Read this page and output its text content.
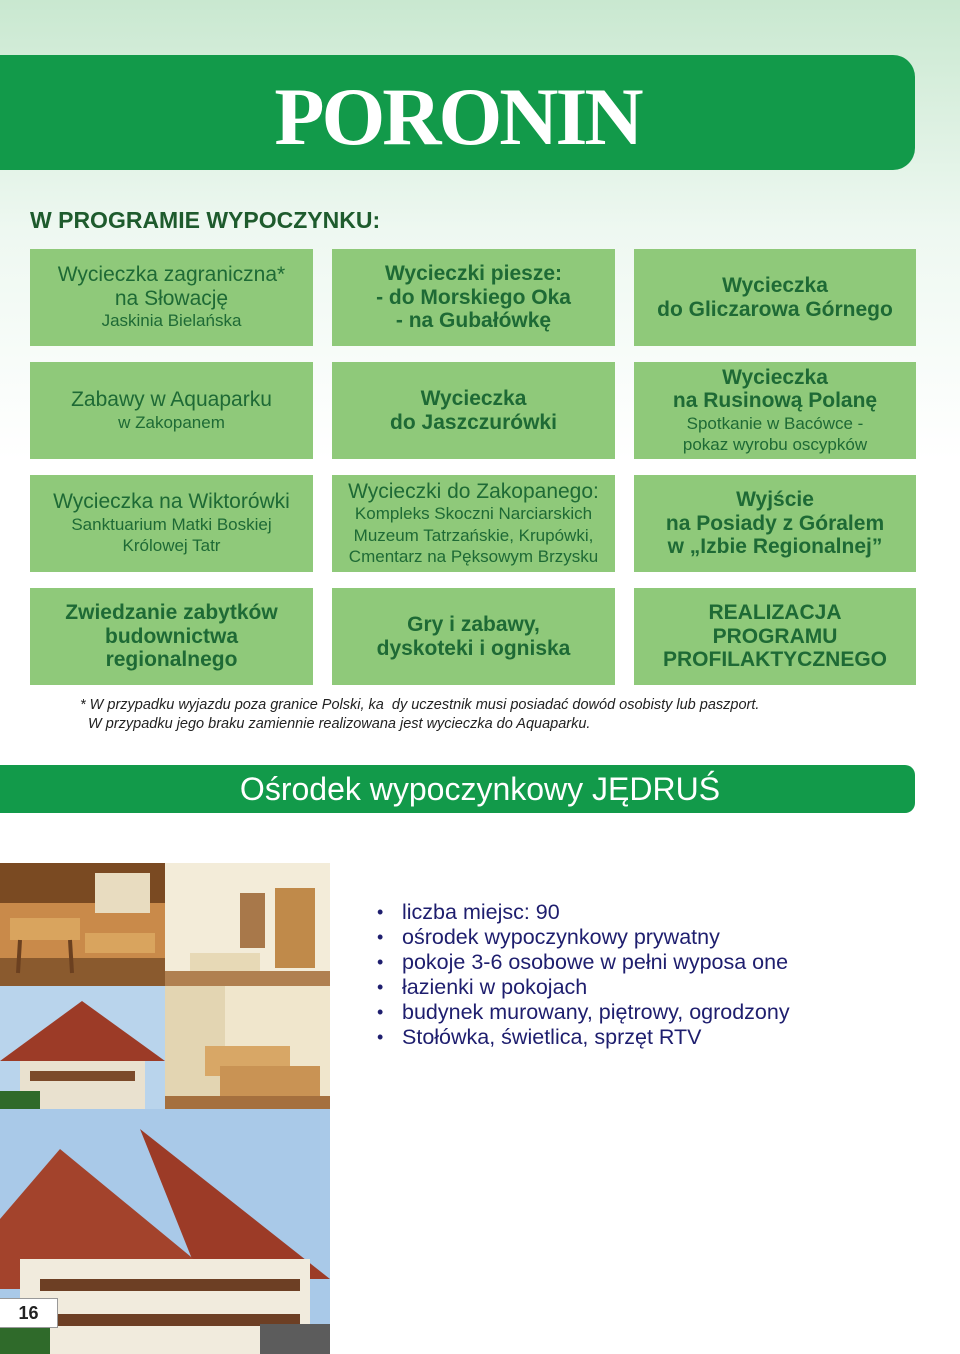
PORONIN
W PROGRAMIE WYPOCZYNKU:
Wycieczka zagraniczna*
na Słowację
Jaskinia Bielańska
Wycieczki piesze:
- do Morskiego Oka
- na Gubałówkę
Wycieczka
do Gliczarowa Górnego
Zabawy w Aquaparku
w Zakopanem
Wycieczka
do Jaszczurówki
Wycieczka
na Rusinową Polanę
Spotkanie w Bacówce -
pokaz wyrobu oscypków
Wycieczka na Wiktorówki
Sanktuarium Matki Boskiej
Królowej Tatr
Wycieczki do Zakopanego:
Kompleks Skoczni Narciarskich
Muzeum Tatrzańskie, Krupówki,
Cmentarz na Pęksowym Brzysku
Wyjście
na Posiady z Góralem
w „Izbie Regionalnej”
Zwiedzanie zabytków
budownictwa
regionalnego
Gry i zabawy,
dyskoteki i ogniska
REALIZACJA
PROGRAMU
PROFILAKTYCZNEGO
* W przypadku wyjazdu poza granice Polski, ka  dy uczestnik musi posiadać dowód osobisty lub paszport.
W przypadku jego braku zamiennie realizowana jest wycieczka do Aquaparku.
Ośrodek wypoczynkowy JĘDRUŚ
• liczba miejsc: 90
• ośrodek wypoczynkowy prywatny
• pokoje 3-6 osobowe w pełni wyposa one
• łazienki w pokojach
• budynek murowany, piętrowy, ogrodzony
• Stołówka, świetlica, sprzęt RTV
16
